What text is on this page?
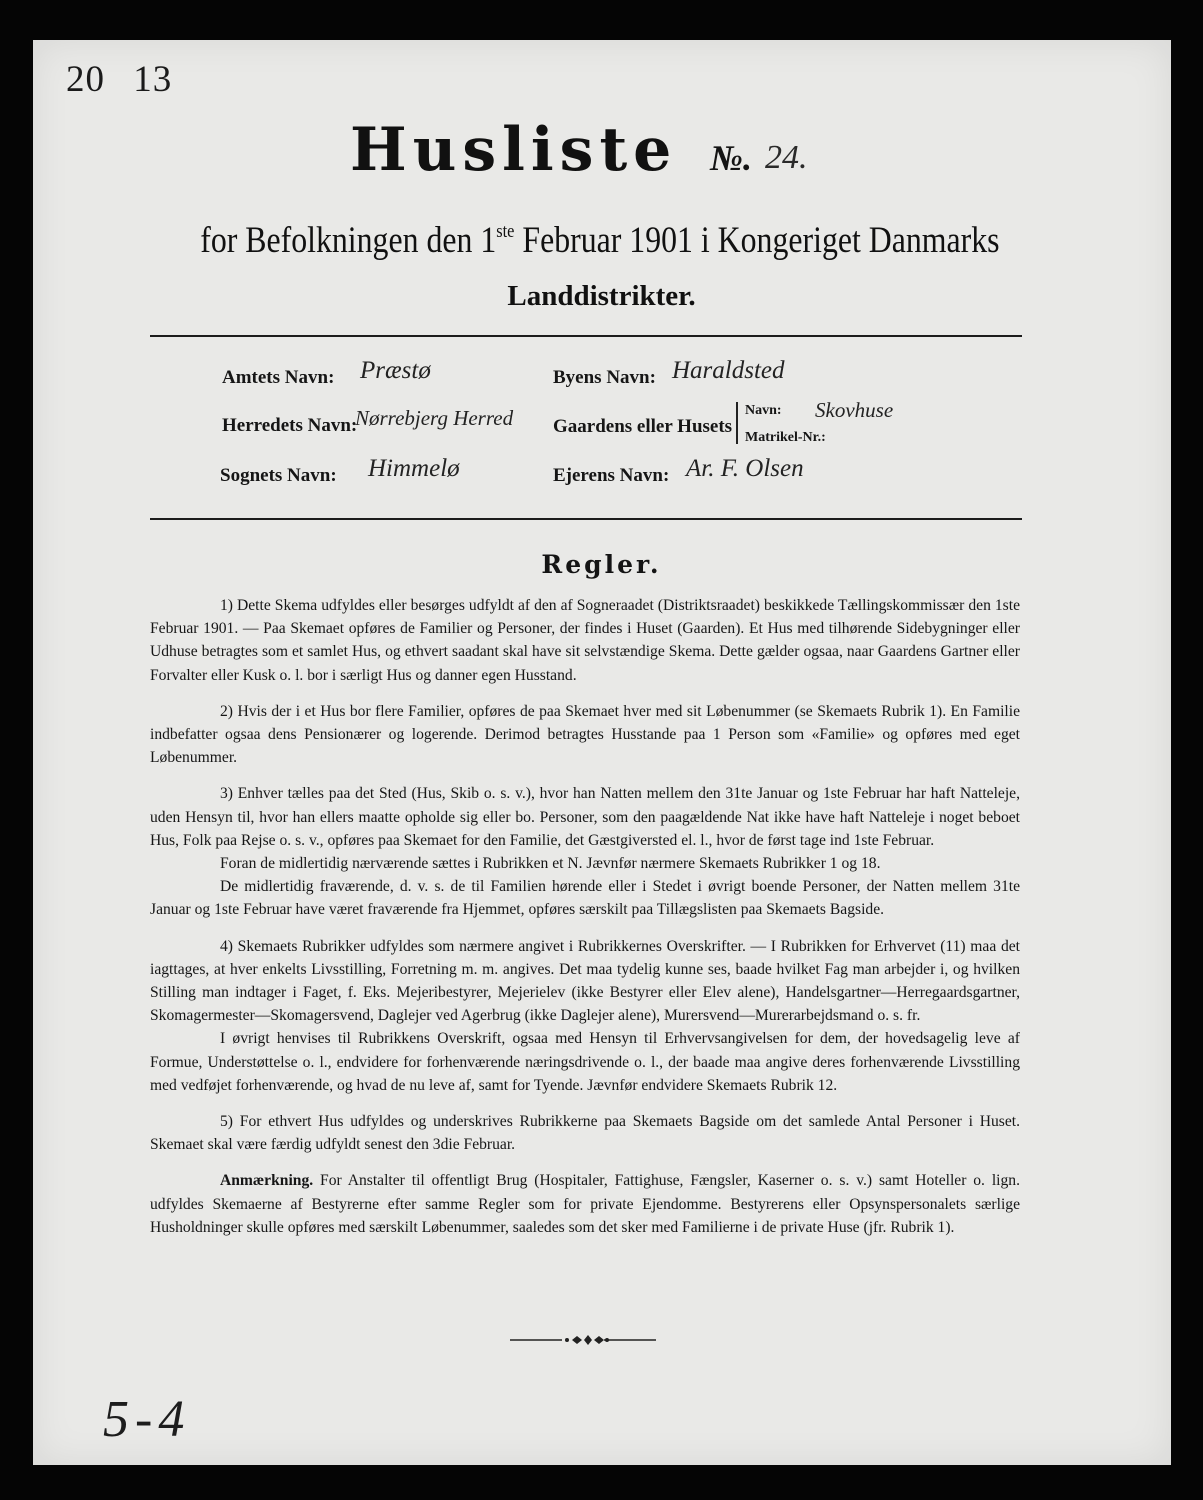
20 13
Husliste №. 24.
for Befolkningen den 1ste Februar 1901 i Kongeriget Danmarks
Landdistrikter.
Amtets Navn: Præstø
Herredets Navn:
Nørrebjerg Herred
Sognets Navn: Himmelø
Byens Navn: Haraldsted
Gaardens eller Husets
Navn: Skovhuse
Matrikel-Nr.:
Ejerens Navn: Ar. F. Olsen
Regler.

1) Dette Skema udfyldes eller besørges udfyldt af den af Sogneraadet (Distriktsraadet) beskikkede Tællingskommissær den 1ste Februar 1901. — Paa Skemaet opføres de Familier og Personer, der findes i Huset (Gaarden). Et Hus med tilhørende Sidebygninger eller Udhuse betragtes som et samlet Hus, og ethvert saadant skal have sit selvstændige Skema. Dette gælder ogsaa, naar Gaardens Gartner eller Forvalter eller Kusk o. l. bor i særligt Hus og danner egen Husstand.

2) Hvis der i et Hus bor flere Familier, opføres de paa Skemaet hver med sit Løbenummer (se Skemaets Rubrik 1). En Familie indbefatter ogsaa dens Pensionærer og logerende. Derimod betragtes Husstande paa 1 Person som «Familie» og opføres med eget Løbenummer.

3) Enhver tælles paa det Sted (Hus, Skib o. s. v.), hvor han Natten mellem den 31te Januar og 1ste Februar har haft Natteleje, uden Hensyn til, hvor han ellers maatte opholde sig eller bo. Personer, som den paagældende Nat ikke have haft Natteleje i noget beboet Hus, Folk paa Rejse o. s. v., opføres paa Skemaet for den Familie, det Gæstgiversted el. l., hvor de først tage ind 1ste Februar.

Foran de midlertidig nærværende sættes i Rubrikken et N. Jævnfør nærmere Skemaets Rubrikker 1 og 18.

De midlertidig fraværende, d. v. s. de til Familien hørende eller i Stedet i øvrigt boende Personer, der Natten mellem 31te Januar og 1ste Februar have været fraværende fra Hjemmet, opføres særskilt paa Tillægslisten paa Skemaets Bagside.

4) Skemaets Rubrikker udfyldes som nærmere angivet i Rubrikkernes Overskrifter. — I Rubrikken for Erhvervet (11) maa det iagttages, at hver enkelts Livsstilling, Forretning m. m. angives. Det maa tydelig kunne ses, baade hvilket Fag man arbejder i, og hvilken Stilling man indtager i Faget, f. Eks. Mejeribestyrer, Mejerielev (ikke Bestyrer eller Elev alene), Handelsgartner—Herregaardsgartner, Skomagermester—Skomagersvend, Daglejer ved Agerbrug (ikke Daglejer alene), Murersvend—Murerarbejdsmand o. s. fr.

I øvrigt henvises til Rubrikkens Overskrift, ogsaa med Hensyn til Erhvervsangivelsen for dem, der hovedsagelig leve af Formue, Understøttelse o. l., endvidere for forhenværende næringsdrivende o. l., der baade maa angive deres forhenværende Livsstilling med vedføjet forhenværende, og hvad de nu leve af, samt for Tyende. Jævnfør endvidere Skemaets Rubrik 12.

5) For ethvert Hus udfyldes og underskrives Rubrikkerne paa Skemaets Bagside om det samlede Antal Personer i Huset. Skemaet skal være færdig udfyldt senest den 3die Februar.

Anmærkning. For Anstalter til offentligt Brug (Hospitaler, Fattighuse, Fængsler, Kaserner o. s. v.) samt Hoteller o. lign. udfyldes Skemaerne af Bestyrerne efter samme Regler som for private Ejendomme. Bestyrerens eller Opsynspersonalets særlige Husholdninger skulle opføres med særskilt Løbenummer, saaledes som det sker med Familierne i de private Huse (jfr. Rubrik 1).

5-4
